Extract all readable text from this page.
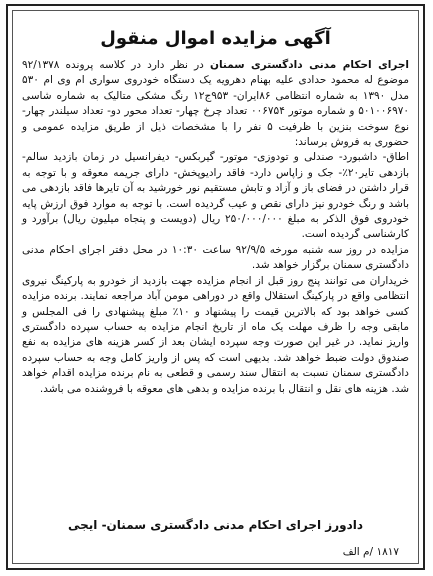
آگهی مزایده اموال منقول

اجرای احکام مدنی دادگستری سمنان در نظر دارد در کلاسه پرونده ۹۲/۱۳۷۸ موضوع له محمود حدادی علیه بهنام دهرویه یک دستگاه خودروی سواری ام وی ام ۵۳۰ مدل ۱۳۹۰ به شماره انتظامی ۸۶ایران- ۹۵۳ج۱۲ رنگ مشکی متالیک به شماره شاسی ۵۰۱۰۰۶۹۷۰ و شماره موتور ۰۰۶۷۵۴ تعداد چرخ چهار- تعداد محور دو- تعداد سیلندر چهار- نوع سوخت بنزین با ظرفیت ۵ نفر را با مشخصات ذیل از طریق مزایده عمومی و حضوری به فروش برساند:

اطاق- داشبورد- صندلی و تودوزی- موتور- گیربکس- دیفرانسیل در زمان بازدید سالم- بازدهی تایر۲۰٪- جک و زاپاس دارد- فاقد رادیوپخش- دارای جریمه معوقه و با توجه به قرار داشتن در فضای باز و آزاد و تابش مستقیم نور خورشید به آن تایرها فاقد بازدهی می باشد و رنگ خودرو نیز دارای نقص و عیب گردیده است. با توجه به موارد فوق ارزش پایه خودروی فوق الذکر به مبلغ ۲۵۰/۰۰۰/۰۰۰ ریال (دویست و پنجاه میلیون ریال) برآورد و کارشناسی گردیده است.

مزایده در روز سه شنبه مورخه ۹۲/۹/۵ ساعت ۱۰:۳۰ در محل دفتر اجرای احکام مدنی دادگستری سمنان برگزار خواهد شد.

خریداران می توانند پنج روز قبل از انجام مزایده جهت بازدید از خودرو به پارکینگ نیروی انتظامی واقع در پارکینگ استقلال واقع در دوراهی مومن آباد مراجعه نمایند. برنده مزایده کسی خواهد بود که بالاترین قیمت را پیشنهاد و ۱۰٪ مبلغ پیشنهادی را فی المجلس و مابقی وجه را ظرف مهلت یک ماه از تاریخ انجام مزایده به حساب سپرده دادگستری واریز نماید. در غیر این صورت وجه سپرده ایشان بعد از کسر هزینه های مزایده به نفع صندوق دولت ضبط خواهد شد. بدیهی است که پس از واریز کامل وجه به حساب سپرده دادگستری سمنان نسبت به انتقال سند رسمی و قطعی به نام برنده مزایده اقدام خواهد شد. هزینه های نقل و انتقال با برنده مزایده و بدهی های معوقه با فروشنده می باشد.

دادورز اجرای احکام مدنی دادگستری سمنان- ایجی
۱۸۱۷ /م الف
